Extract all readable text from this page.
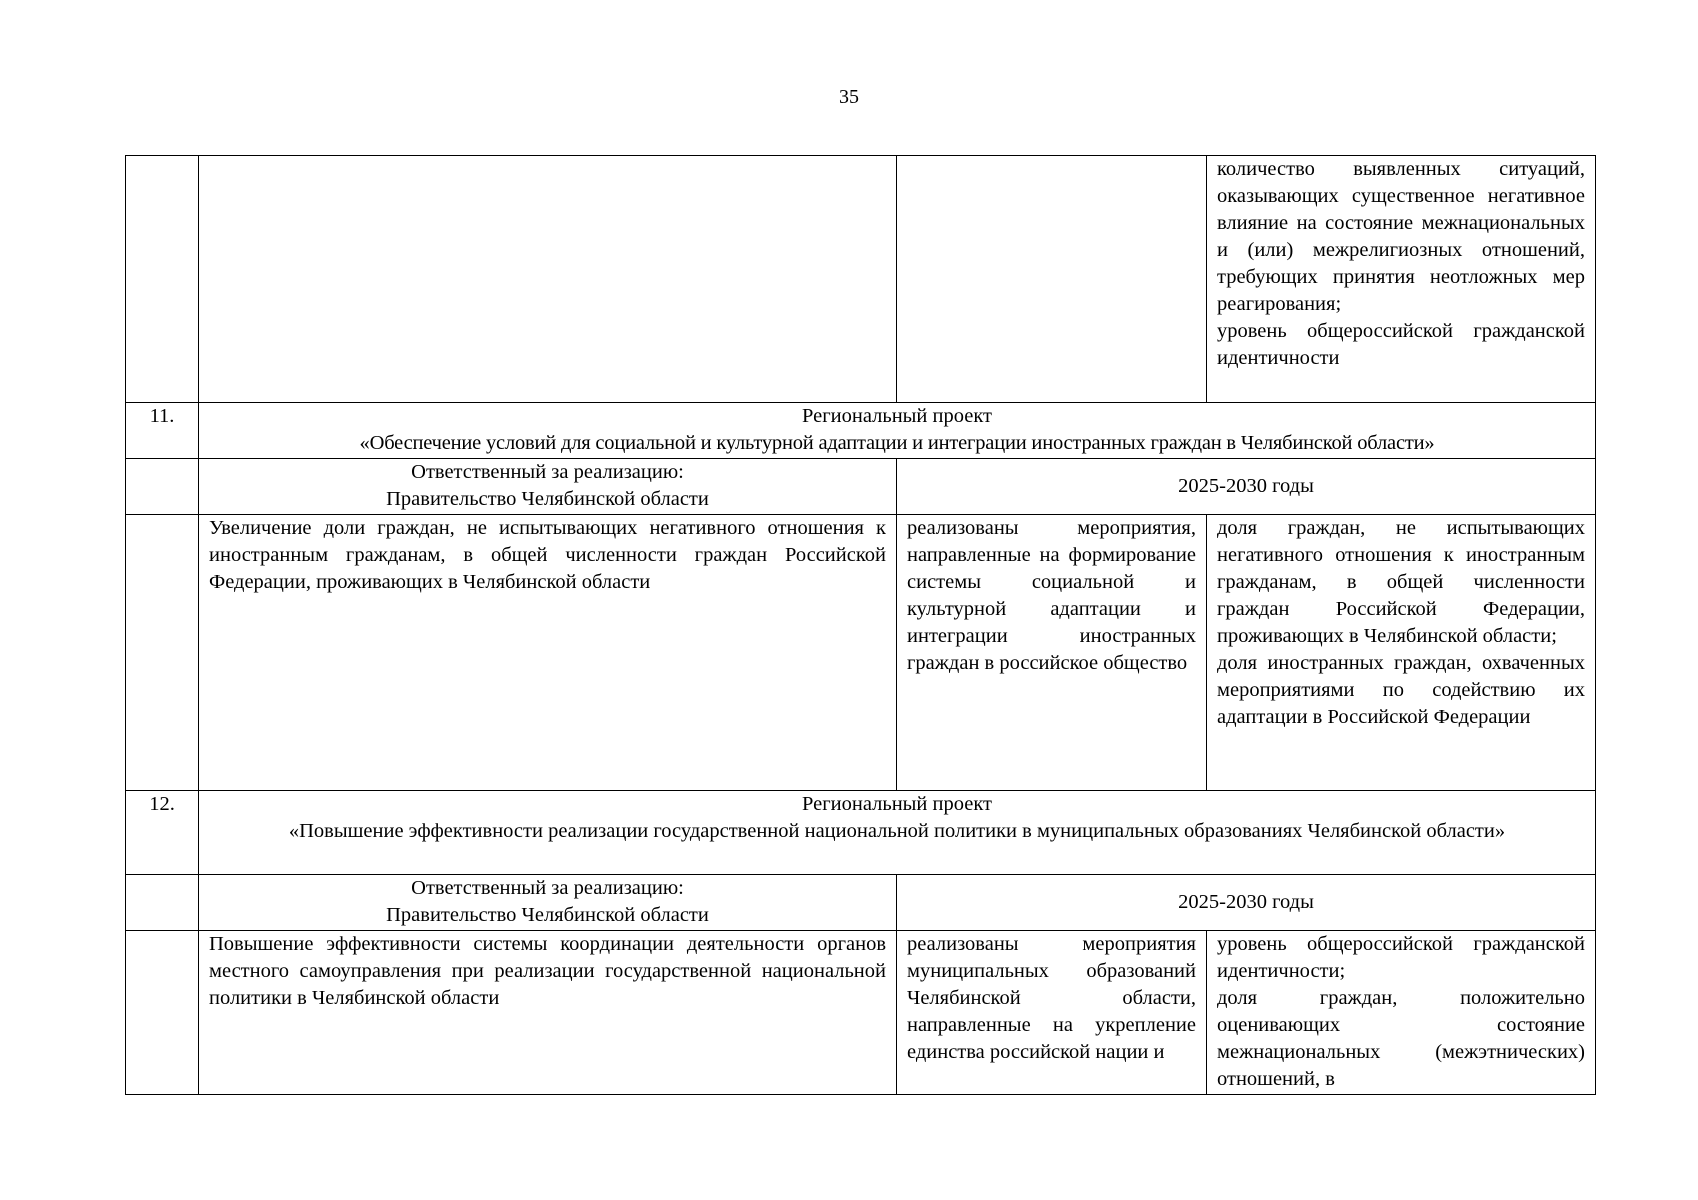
35

			количество выявленных ситуаций, оказывающих существенное негативное влияние на состояние межнациональных и (или) межрелигиозных отношений, требующих принятия неотложных мер реагирования;
уровень общероссийской гражданской идентичности

11.	Региональный проект
«Обеспечение условий для социальной и культурной адаптации и интеграции иностранных граждан в Челябинской области»		

	Ответственный за реализацию:
Правительство Челябинской области	2025-2030 годы	
	Увеличение доли граждан, не испытывающих негативного отношения к иностранным гражданам, в общей численности граждан Российской Федерации, проживающих в Челябинской области	реализованы мероприятия, направленные на формирование системы социальной и культурной адаптации и интеграции иностранных граждан в российское общество	доля граждан, не испытывающих негативного отношения к иностранным гражданам, в общей численности граждан Российской Федерации, проживающих в Челябинской области;
доля иностранных граждан, охваченных мероприятиями по содействию их адаптации в Российской Федерации

12.	Региональный проект
«Повышение эффективности реализации государственной национальной политики в муниципальных образованиях Челябинской области»		

	Ответственный за реализацию:
Правительство Челябинской области	2025-2030 годы	
	Повышение эффективности системы координации деятельности органов местного самоуправления при реализации государственной национальной политики в Челябинской области	реализованы мероприятия муниципальных образований Челябинской области, направленные на укрепление единства российской нации и	уровень общероссийской гражданской идентичности;
доля граждан, положительно оценивающих состояние межнациональных (межэтнических) отношений, в
